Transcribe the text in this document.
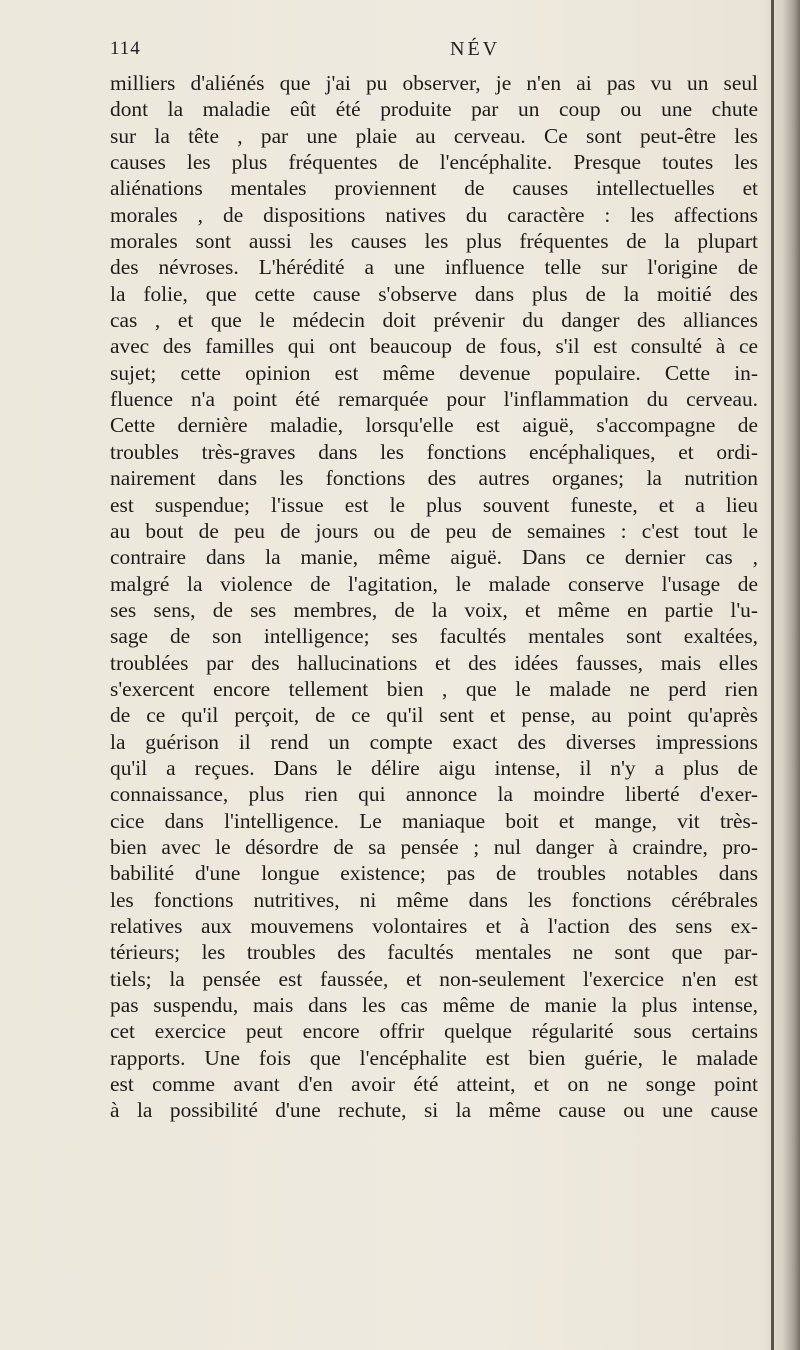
114	NÉV
milliers d'aliénés que j'ai pu observer, je n'en ai pas vu un seul
dont la maladie eût été produite par un coup ou une chute
sur la tête , par une plaie au cerveau. Ce sont peut-être les
causes les plus fréquentes de l'encéphalite. Presque toutes les
aliénations mentales proviennent de causes intellectuelles et
morales , de dispositions natives du caractère : les affections
morales sont aussi les causes les plus fréquentes de la plupart
des névroses. L'hérédité a une influence telle sur l'origine de
la folie, que cette cause s'observe dans plus de la moitié des
cas , et que le médecin doit prévenir du danger des alliances
avec des familles qui ont beaucoup de fous, s'il est consulté à ce
sujet; cette opinion est même devenue populaire. Cette in-
fluence n'a point été remarquée pour l'inflammation du cerveau.
Cette dernière maladie, lorsqu'elle est aiguë, s'accompagne de
troubles très-graves dans les fonctions encéphaliques, et ordi-
nairement dans les fonctions des autres organes; la nutrition
est suspendue; l'issue est le plus souvent funeste, et a lieu
au bout de peu de jours ou de peu de semaines : c'est tout le
contraire dans la manie, même aiguë. Dans ce dernier cas ,
malgré la violence de l'agitation, le malade conserve l'usage de
ses sens, de ses membres, de la voix, et même en partie l'u-
sage de son intelligence; ses facultés mentales sont exaltées,
troublées par des hallucinations et des idées fausses, mais elles
s'exercent encore tellement bien , que le malade ne perd rien
de ce qu'il perçoit, de ce qu'il sent et pense, au point qu'après
la guérison il rend un compte exact des diverses impressions
qu'il a reçues. Dans le délire aigu intense, il n'y a plus de
connaissance, plus rien qui annonce la moindre liberté d'exer-
cice dans l'intelligence. Le maniaque boit et mange, vit très-
bien avec le désordre de sa pensée ; nul danger à craindre, pro-
babilité d'une longue existence; pas de troubles notables dans
les fonctions nutritives, ni même dans les fonctions cérébrales
relatives aux mouvemens volontaires et à l'action des sens ex-
térieurs; les troubles des facultés mentales ne sont que par-
tiels; la pensée est faussée, et non-seulement l'exercice n'en est
pas suspendu, mais dans les cas même de manie la plus intense,
cet exercice peut encore offrir quelque régularité sous certains
rapports. Une fois que l'encéphalite est bien guérie, le malade
est comme avant d'en avoir été atteint, et on ne songe point
à la possibilité d'une rechute, si la même cause ou une cause
